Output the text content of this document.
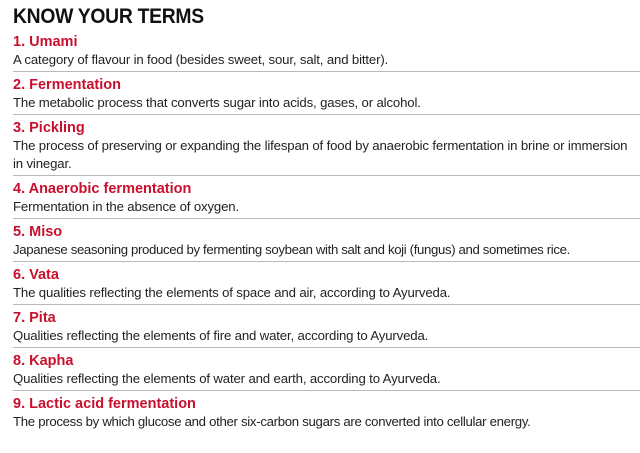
KNOW YOUR TERMS
1. Umami
A category of flavour in food (besides sweet, sour, salt, and bitter).
2. Fermentation
The metabolic process that converts sugar into acids, gases, or alcohol.
3. Pickling
The process of preserving or expanding the lifespan of food by anaerobic fermentation in brine or immersion in vinegar.
4. Anaerobic fermentation
Fermentation in the absence of oxygen.
5. Miso
Japanese seasoning produced by fermenting soybean with salt and koji (fungus) and sometimes rice.
6. Vata
The qualities reflecting the elements of space and air, according to Ayurveda.
7. Pita
Qualities reflecting the elements of fire and water, according to Ayurveda.
8. Kapha
Qualities reflecting the elements of water and earth, according to Ayurveda.
9. Lactic acid fermentation
The process by which glucose and other six-carbon sugars are converted into cellular energy.
